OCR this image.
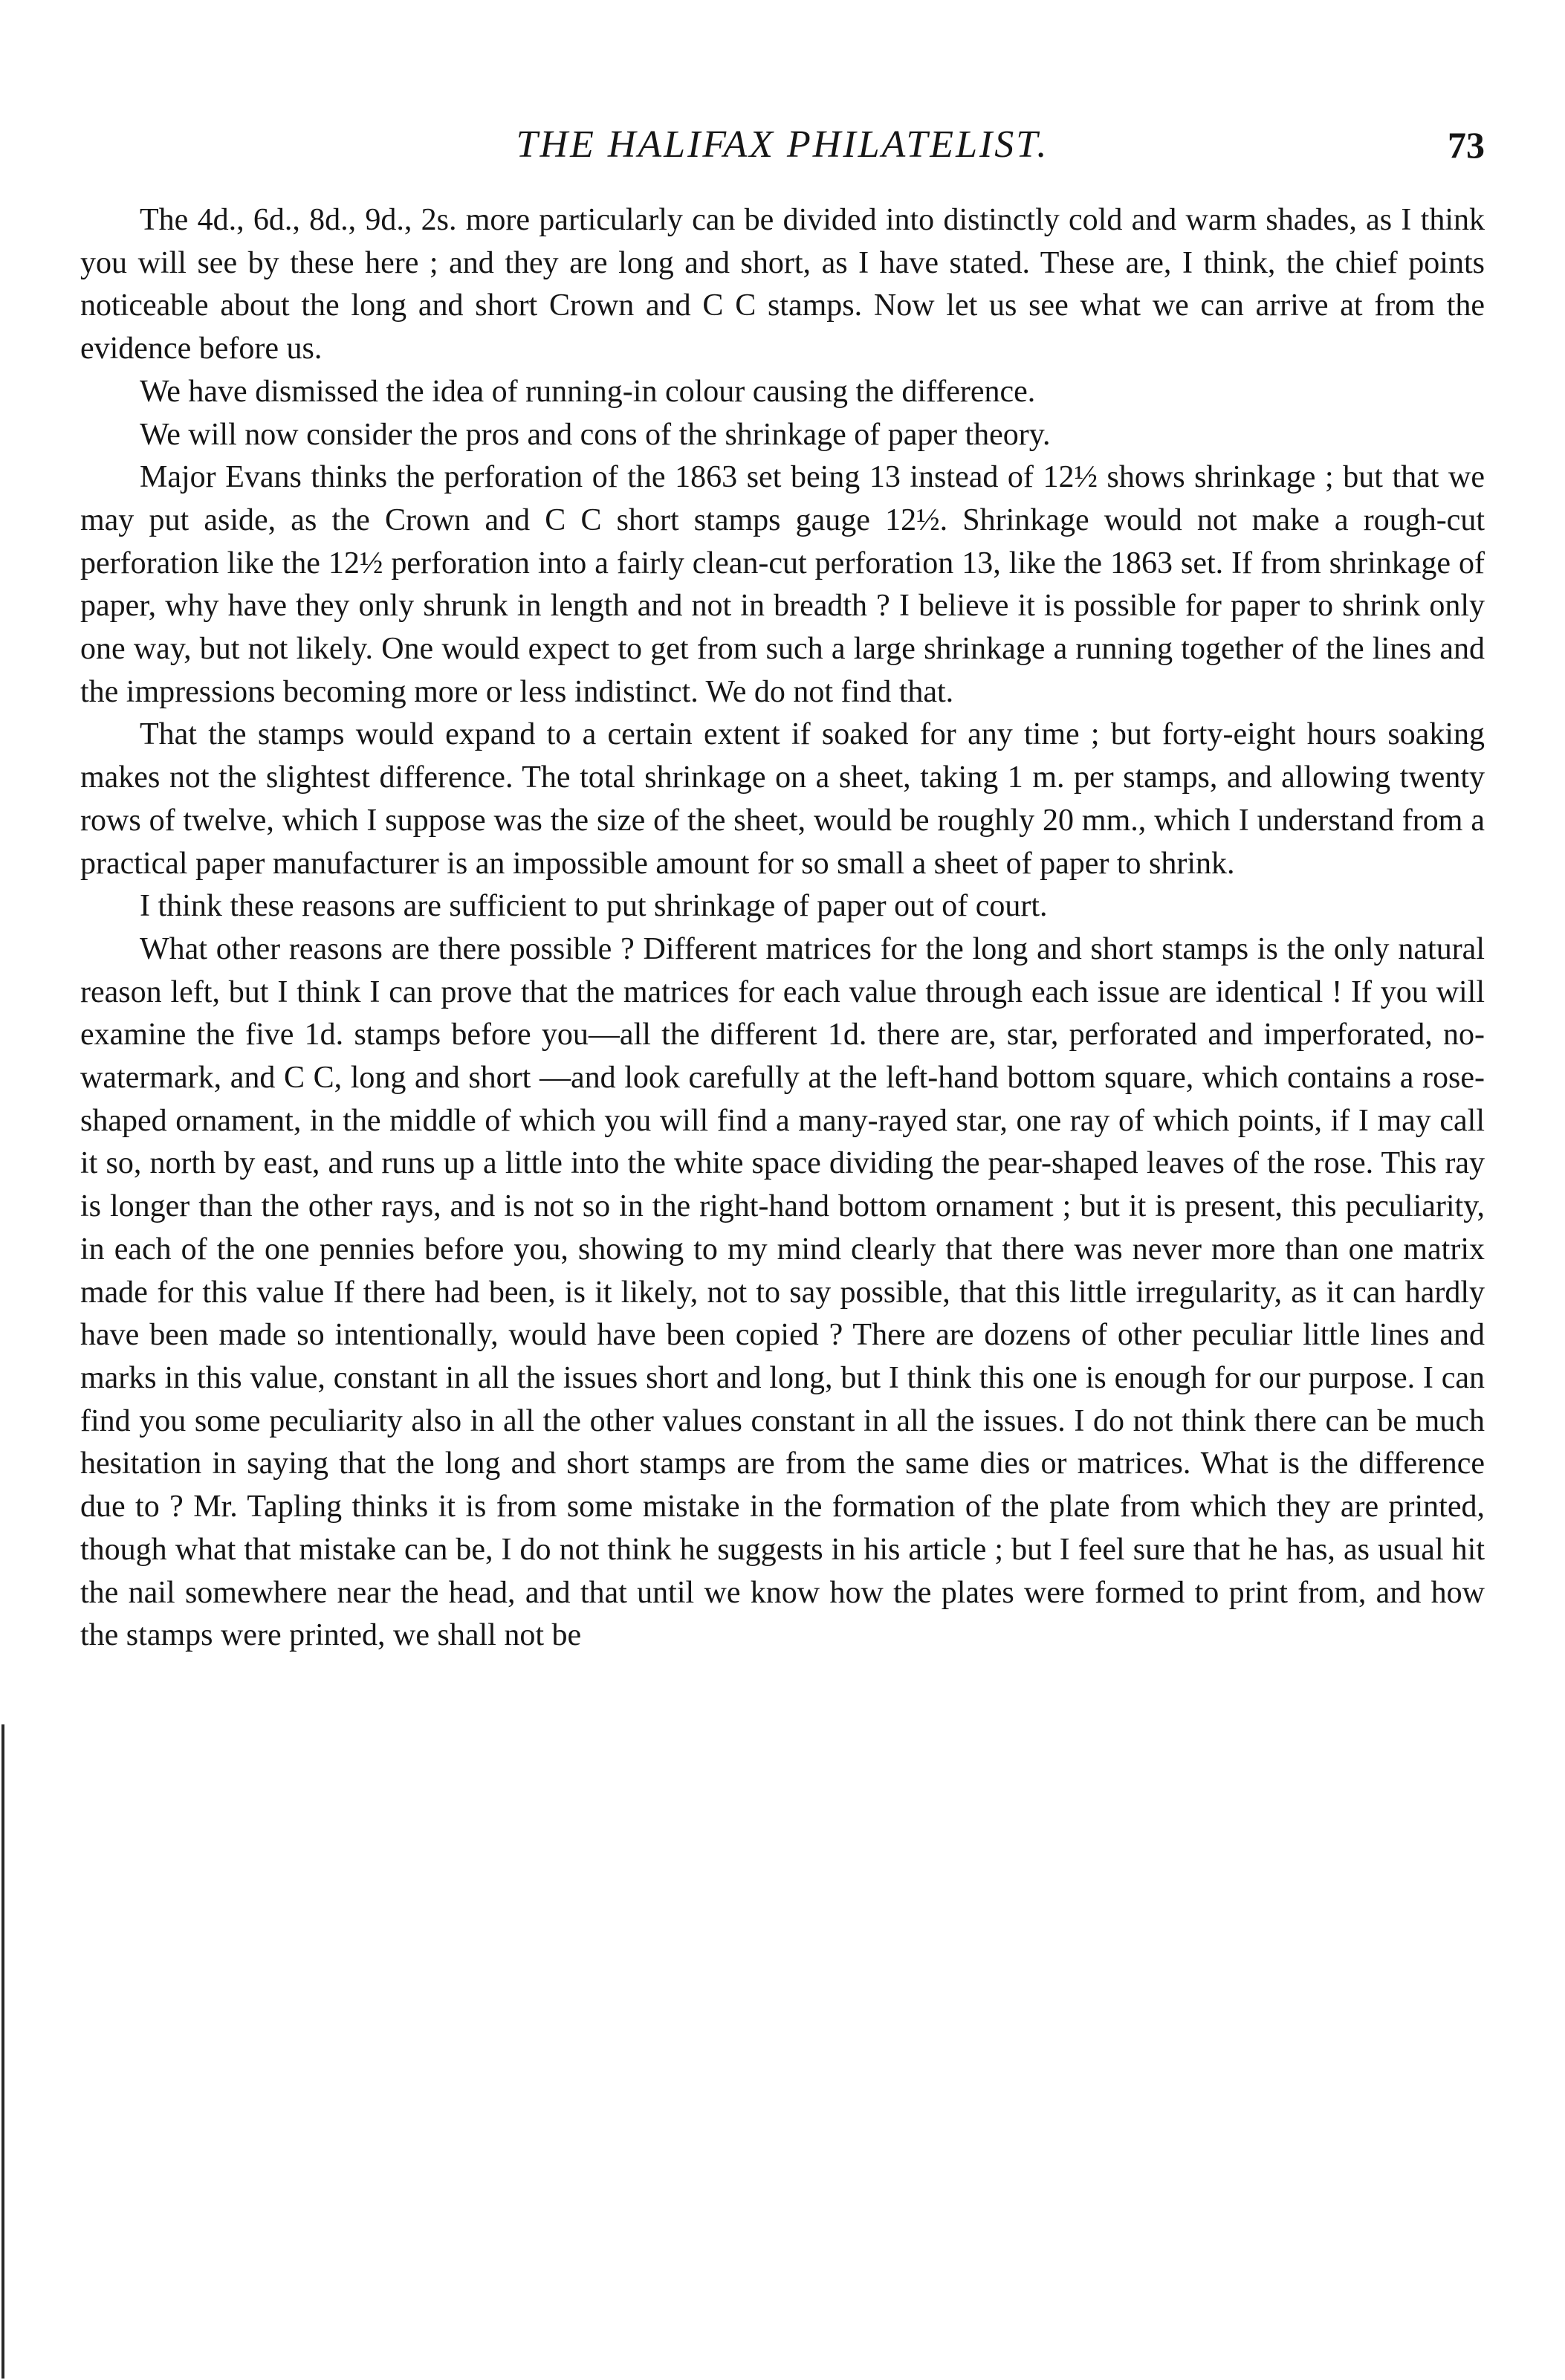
THE HALIFAX PHILATELIST.	73

The 4d., 6d., 8d., 9d., 2s. more particularly can be divided into distinctly cold and warm shades, as I think you will see by these here ; and they are long and short, as I have stated. These are, I think, the chief points noticeable about the long and short Crown and C C stamps. Now let us see what we can arrive at from the evidence before us.

We have dismissed the idea of running-in colour causing the difference.

We will now consider the pros and cons of the shrinkage of paper theory.

Major Evans thinks the perforation of the 1863 set being 13 instead of 12½ shows shrinkage ; but that we may put aside, as the Crown and C C short stamps gauge 12½. Shrinkage would not make a rough-cut perforation like the 12½ perforation into a fairly clean-cut perforation 13, like the 1863 set. If from shrinkage of paper, why have they only shrunk in length and not in breadth ? I believe it is possible for paper to shrink only one way, but not likely. One would expect to get from such a large shrinkage a running together of the lines and the impressions becoming more or less indistinct. We do not find that.

That the stamps would expand to a certain extent if soaked for any time ; but forty-eight hours soaking makes not the slightest difference. The total shrinkage on a sheet, taking 1 m. per stamps, and allowing twenty rows of twelve, which I suppose was the size of the sheet, would be roughly 20 mm., which I understand from a practical paper manufacturer is an impossible amount for so small a sheet of paper to shrink.

I think these reasons are sufficient to put shrinkage of paper out of court.

What other reasons are there possible ? Different matrices for the long and short stamps is the only natural reason left, but I think I can prove that the matrices for each value through each issue are identical ! If you will examine the five 1d. stamps before you—all the different 1d. there are, star, perforated and imperforated, no-watermark, and C C, long and short —and look carefully at the left-hand bottom square, which contains a rose-shaped ornament, in the middle of which you will find a many-rayed star, one ray of which points, if I may call it so, north by east, and runs up a little into the white space dividing the pear-shaped leaves of the rose. This ray is longer than the other rays, and is not so in the right-hand bottom ornament ; but it is present, this peculiarity, in each of the one pennies before you, showing to my mind clearly that there was never more than one matrix made for this value If there had been, is it likely, not to say possible, that this little irregularity, as it can hardly have been made so intentionally, would have been copied ? There are dozens of other peculiar little lines and marks in this value, constant in all the issues short and long, but I think this one is enough for our purpose. I can find you some peculiarity also in all the other values constant in all the issues. I do not think there can be much hesitation in saying that the long and short stamps are from the same dies or matrices. What is the difference due to ? Mr. Tapling thinks it is from some mistake in the formation of the plate from which they are printed, though what that mistake can be, I do not think he suggests in his article ; but I feel sure that he has, as usual hit the nail somewhere near the head, and that until we know how the plates were formed to print from, and how the stamps were printed, we shall not be
